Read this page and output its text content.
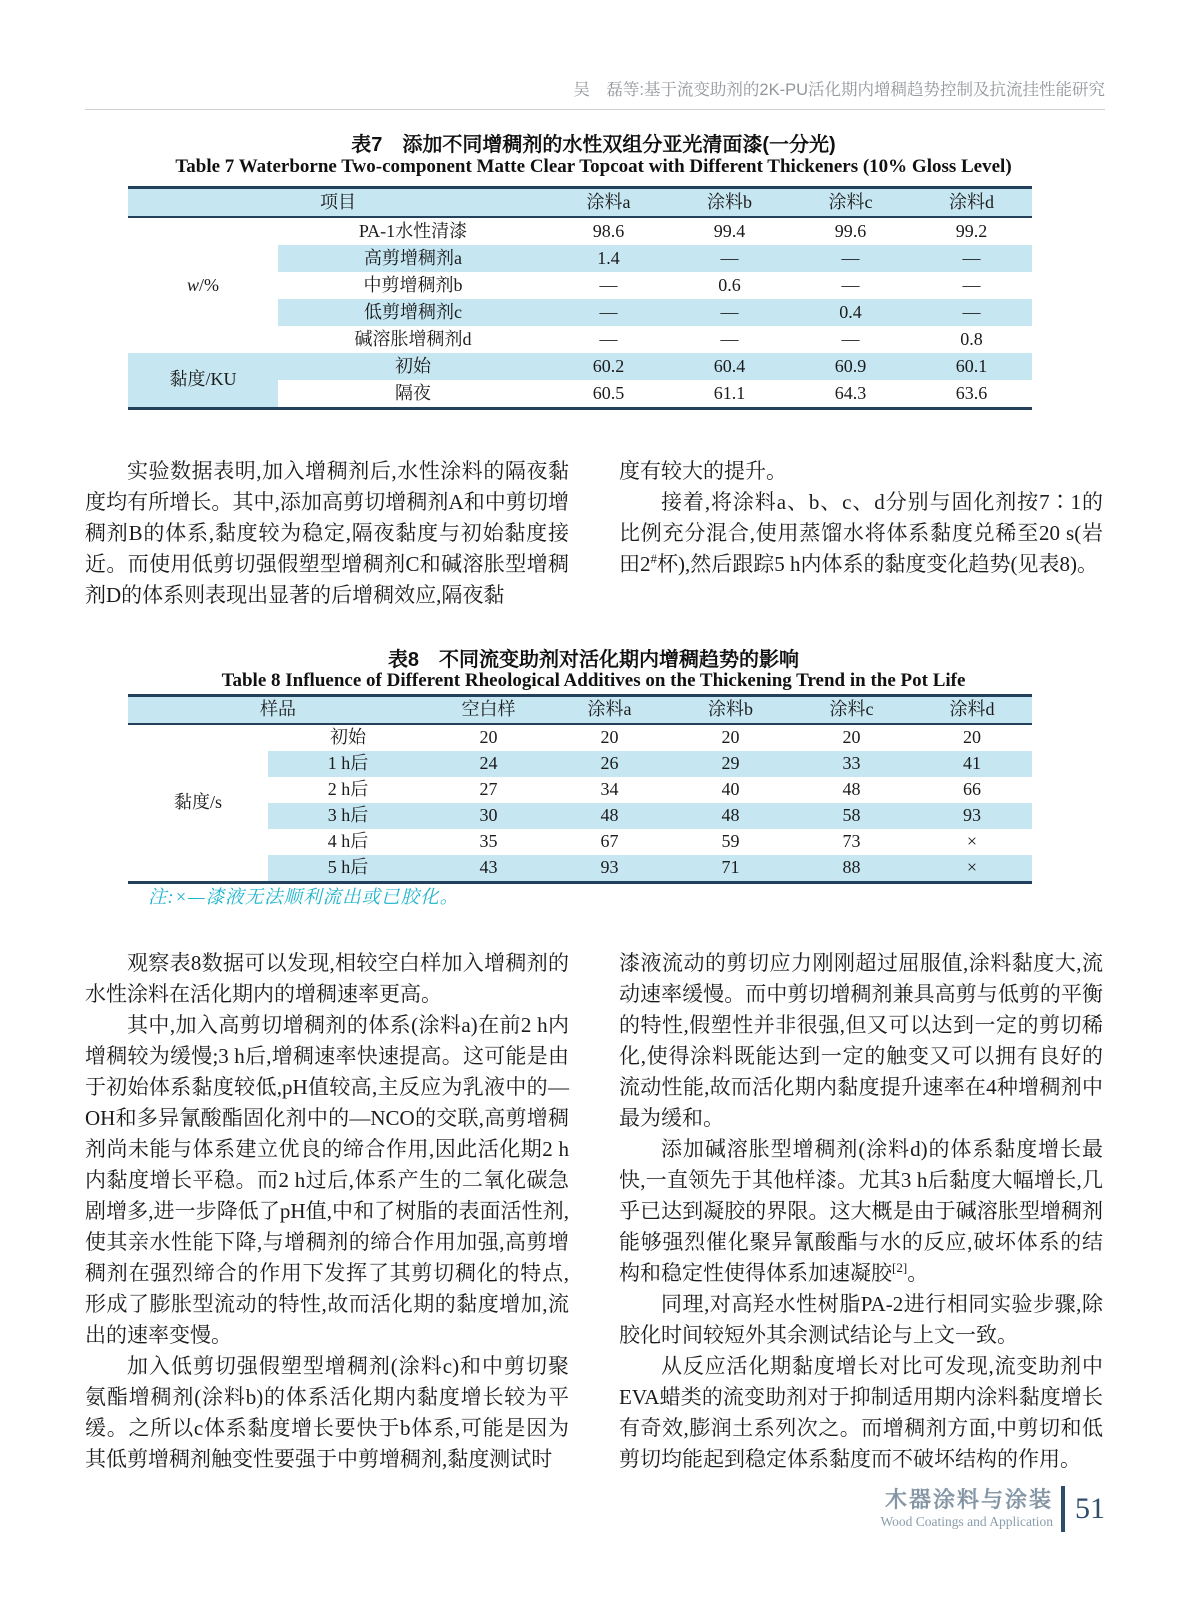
吴　磊等:基于流变助剂的2K-PU活化期内增稠趋势控制及抗流挂性能研究
表7　添加不同增稠剂的水性双组分亚光清面漆(一分光)
Table 7 Waterborne Two-component Matte Clear Topcoat with Different Thickeners (10% Gloss Level)
项目		涂料a	涂料b	涂料c	涂料d
w/%	PA-1水性清漆	98.6	99.4	99.6	99.2
	高剪增稠剂a	1.4	—	—	—
	中剪增稠剂b	—	0.6	—	—
	低剪增稠剂c	—	—	0.4	—
	碱溶胀增稠剂d	—	—	—	0.8
黏度/KU	初始	60.2	60.4	60.9	60.1
	隔夜	60.5	61.1	64.3	63.6

实验数据表明,加入增稠剂后,水性涂料的隔夜黏度均有所增长。其中,添加高剪切增稠剂A和中剪切增稠剂B的体系,黏度较为稳定,隔夜黏度与初始黏度接近。而使用低剪切强假塑型增稠剂C和碱溶胀型增稠剂D的体系则表现出显著的后增稠效应,隔夜黏

度有较大的提升。

接着,将涂料a、b、c、d分别与固化剂按7∶1的比例充分混合,使用蒸馏水将体系黏度兑稀至20 s(岩田2#杯),然后跟踪5 h内体系的黏度变化趋势(见表8)。

表8　不同流变助剂对活化期内增稠趋势的影响
Table 8 Influence of Different Rheological Additives on the Thickening Trend in the Pot Life
样品		空白样	涂料a	涂料b	涂料c	涂料d
黏度/s	初始	20	20	20	20	20
	1 h后	24	26	29	33	41
	2 h后	27	34	40	48	66
	3 h后	30	48	48	58	93
	4 h后	35	67	59	73	×
	5 h后	43	93	71	88	×
注:×—漆液无法顺利流出或已胶化。

观察表8数据可以发现,相较空白样加入增稠剂的水性涂料在活化期内的增稠速率更高。

其中,加入高剪切增稠剂的体系(涂料a)在前2 h内增稠较为缓慢;3 h后,增稠速率快速提高。这可能是由于初始体系黏度较低,pH值较高,主反应为乳液中的—OH和多异氰酸酯固化剂中的—NCO的交联,高剪增稠剂尚未能与体系建立优良的缔合作用,因此活化期2 h内黏度增长平稳。而2 h过后,体系产生的二氧化碳急剧增多,进一步降低了pH值,中和了树脂的表面活性剂,使其亲水性能下降,与增稠剂的缔合作用加强,高剪增稠剂在强烈缔合的作用下发挥了其剪切稠化的特点,形成了膨胀型流动的特性,故而活化期的黏度增加,流出的速率变慢。

加入低剪切强假塑型增稠剂(涂料c)和中剪切聚氨酯增稠剂(涂料b)的体系活化期内黏度增长较为平缓。之所以c体系黏度增长要快于b体系,可能是因为其低剪增稠剂触变性要强于中剪增稠剂,黏度测试时

漆液流动的剪切应力刚刚超过屈服值,涂料黏度大,流动速率缓慢。而中剪切增稠剂兼具高剪与低剪的平衡的特性,假塑性并非很强,但又可以达到一定的剪切稀化,使得涂料既能达到一定的触变又可以拥有良好的流动性能,故而活化期内黏度提升速率在4种增稠剂中最为缓和。

添加碱溶胀型增稠剂(涂料d)的体系黏度增长最快,一直领先于其他样漆。尤其3 h后黏度大幅增长,几乎已达到凝胶的界限。这大概是由于碱溶胀型增稠剂能够强烈催化聚异氰酸酯与水的反应,破坏体系的结构和稳定性使得体系加速凝胶[2]。

同理,对高羟水性树脂PA-2进行相同实验步骤,除胶化时间较短外其余测试结论与上文一致。

从反应活化期黏度增长对比可发现,流变助剂中EVA蜡类的流变助剂对于抑制适用期内涂料黏度增长有奇效,膨润土系列次之。而增稠剂方面,中剪切和低剪切均能起到稳定体系黏度而不破坏结构的作用。

木器涂料与涂装
Wood Coatings and Application 51
